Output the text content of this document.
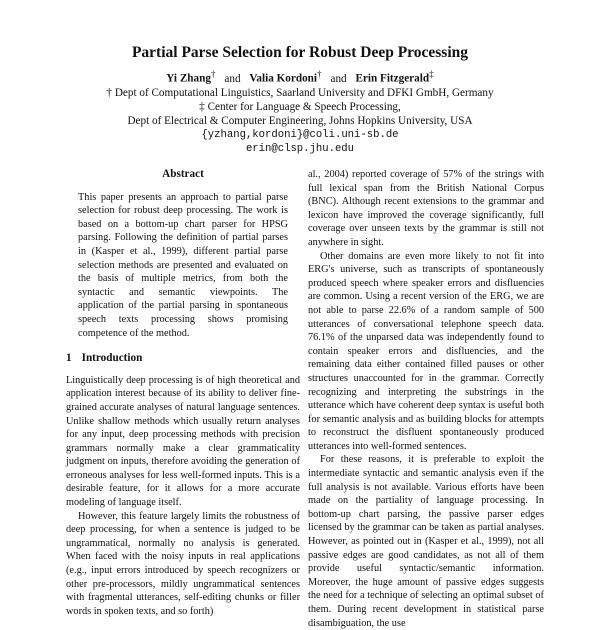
Partial Parse Selection for Robust Deep Processing
Yi Zhang† and Valia Kordoni† and Erin Fitzgerald‡
† Dept of Computational Linguistics, Saarland University and DFKI GmbH, Germany
‡ Center for Language & Speech Processing,
Dept of Electrical & Computer Engineering, Johns Hopkins University, USA
{yzhang,kordoni}@coli.uni-sb.de
erin@clsp.jhu.edu
Abstract

This paper presents an approach to partial parse selection for robust deep processing. The work is based on a bottom-up chart parser for HPSG parsing. Following the definition of partial parses in (Kasper et al., 1999), different partial parse selection methods are presented and evaluated on the basis of multiple metrics, from both the syntactic and semantic viewpoints. The application of the partial parsing in spontaneous speech texts processing shows promising competence of the method.

1 Introduction

Linguistically deep processing is of high theoretical and application interest because of its ability to deliver fine-grained accurate analyses of natural language sentences. Unlike shallow methods which usually return analyses for any input, deep processing methods with precision grammars normally make a clear grammaticality judgment on inputs, therefore avoiding the generation of erroneous analyses for less well-formed inputs. This is a desirable feature, for it allows for a more accurate modeling of language itself.

However, this feature largely limits the robustness of deep processing, for when a sentence is judged to be ungrammatical, normally no analysis is generated. When faced with the noisy inputs in real applications (e.g., input errors introduced by speech recognizers or other pre-processors, mildly ungrammatical sentences with fragmental utterances, self-editing chunks or filler words in spoken texts, and so forth)

al., 2004) reported coverage of 57% of the strings with full lexical span from the British National Corpus (BNC). Although recent extensions to the grammar and lexicon have improved the coverage significantly, full coverage over unseen texts by the grammar is still not anywhere in sight.

Other domains are even more likely to not fit into ERG's universe, such as transcripts of spontaneously produced speech where speaker errors and disfluencies are common. Using a recent version of the ERG, we are not able to parse 22.6% of a random sample of 500 utterances of conversational telephone speech data. 76.1% of the unparsed data was independently found to contain speaker errors and disfluencies, and the remaining data either contained filled pauses or other structures unaccounted for in the grammar. Correctly recognizing and interpreting the substrings in the utterance which have coherent deep syntax is useful both for semantic analysis and as building blocks for attempts to reconstruct the disfluent spontaneously produced utterances into well-formed sentences.

For these reasons, it is preferable to exploit the intermediate syntactic and semantic analysis even if the full analysis is not available. Various efforts have been made on the partiality of language processing. In bottom-up chart parsing, the passive parser edges licensed by the grammar can be taken as partial analyses. However, as pointed out in (Kasper et al., 1999), not all passive edges are good candidates, as not all of them provide useful syntactic/semantic information. Moreover, the huge amount of passive edges suggests the need for a technique of selecting an optimal subset of them. During recent development in statistical parse disambiguation, the use
